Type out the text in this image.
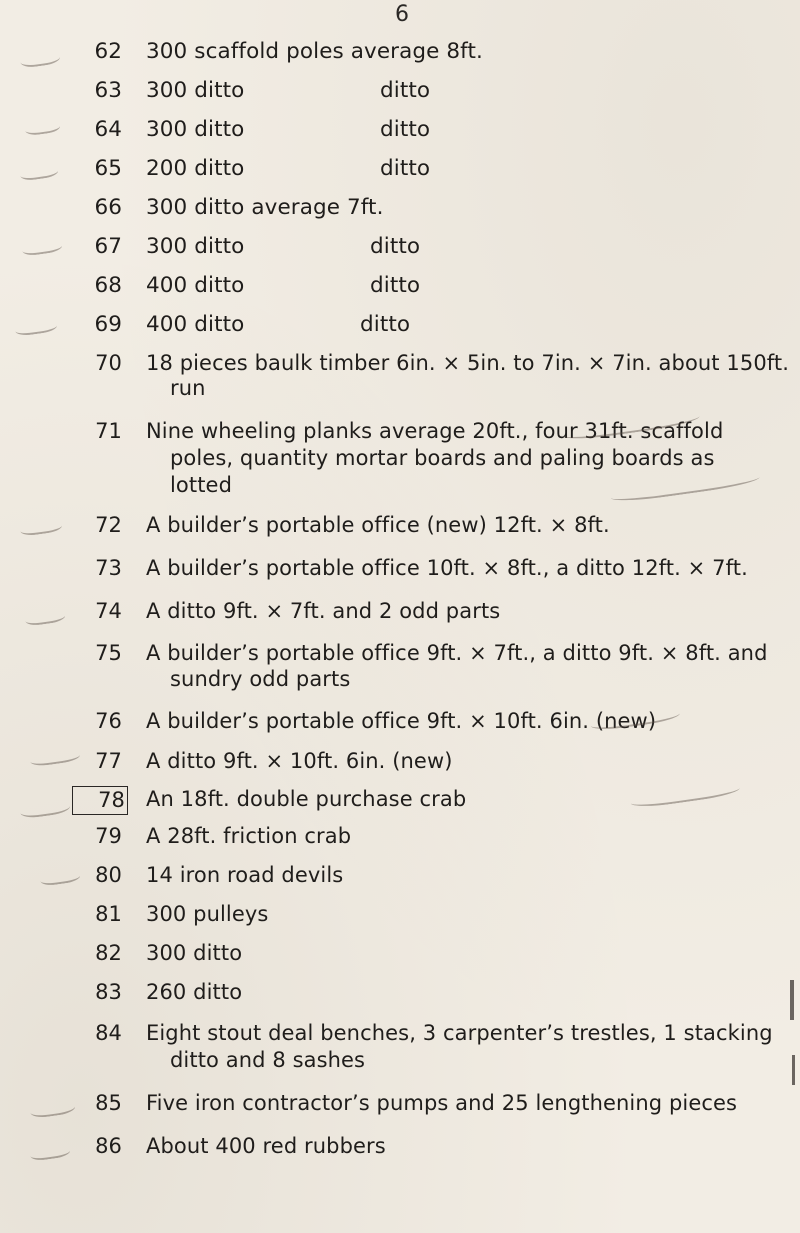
6
62 300 scaffold poles average 8ft.
63 300 ditto	ditto
64 300 ditto	ditto
65 200 ditto	ditto
66 300 ditto average 7ft.
67 300 ditto	ditto
68 400 ditto	ditto
69 400 ditto	ditto
70 18 pieces baulk timber 6in. × 5in. to 7in. × 7in. about 150ft.
run
71 Nine wheeling planks average 20ft., four 31ft. scaffold
poles, quantity mortar boards and paling boards as
lotted
72 A builder’s portable office (new) 12ft. × 8ft.
73 A builder’s portable office 10ft. × 8ft., a ditto 12ft. × 7ft.
74 A ditto 9ft. × 7ft. and 2 odd parts
75 A builder’s portable office 9ft. × 7ft., a ditto 9ft. × 8ft. and
sundry odd parts
76 A builder’s portable office 9ft. × 10ft. 6in. (new)
77 A ditto 9ft. × 10ft. 6in. (new)
78 An 18ft. double purchase crab
79 A 28ft. friction crab
80 14 iron road devils
81 300 pulleys
82 300 ditto
83 260 ditto
84 Eight stout deal benches, 3 carpenter’s trestles, 1 stacking
ditto and 8 sashes
85 Five iron contractor’s pumps and 25 lengthening pieces
86 About 400 red rubbers
